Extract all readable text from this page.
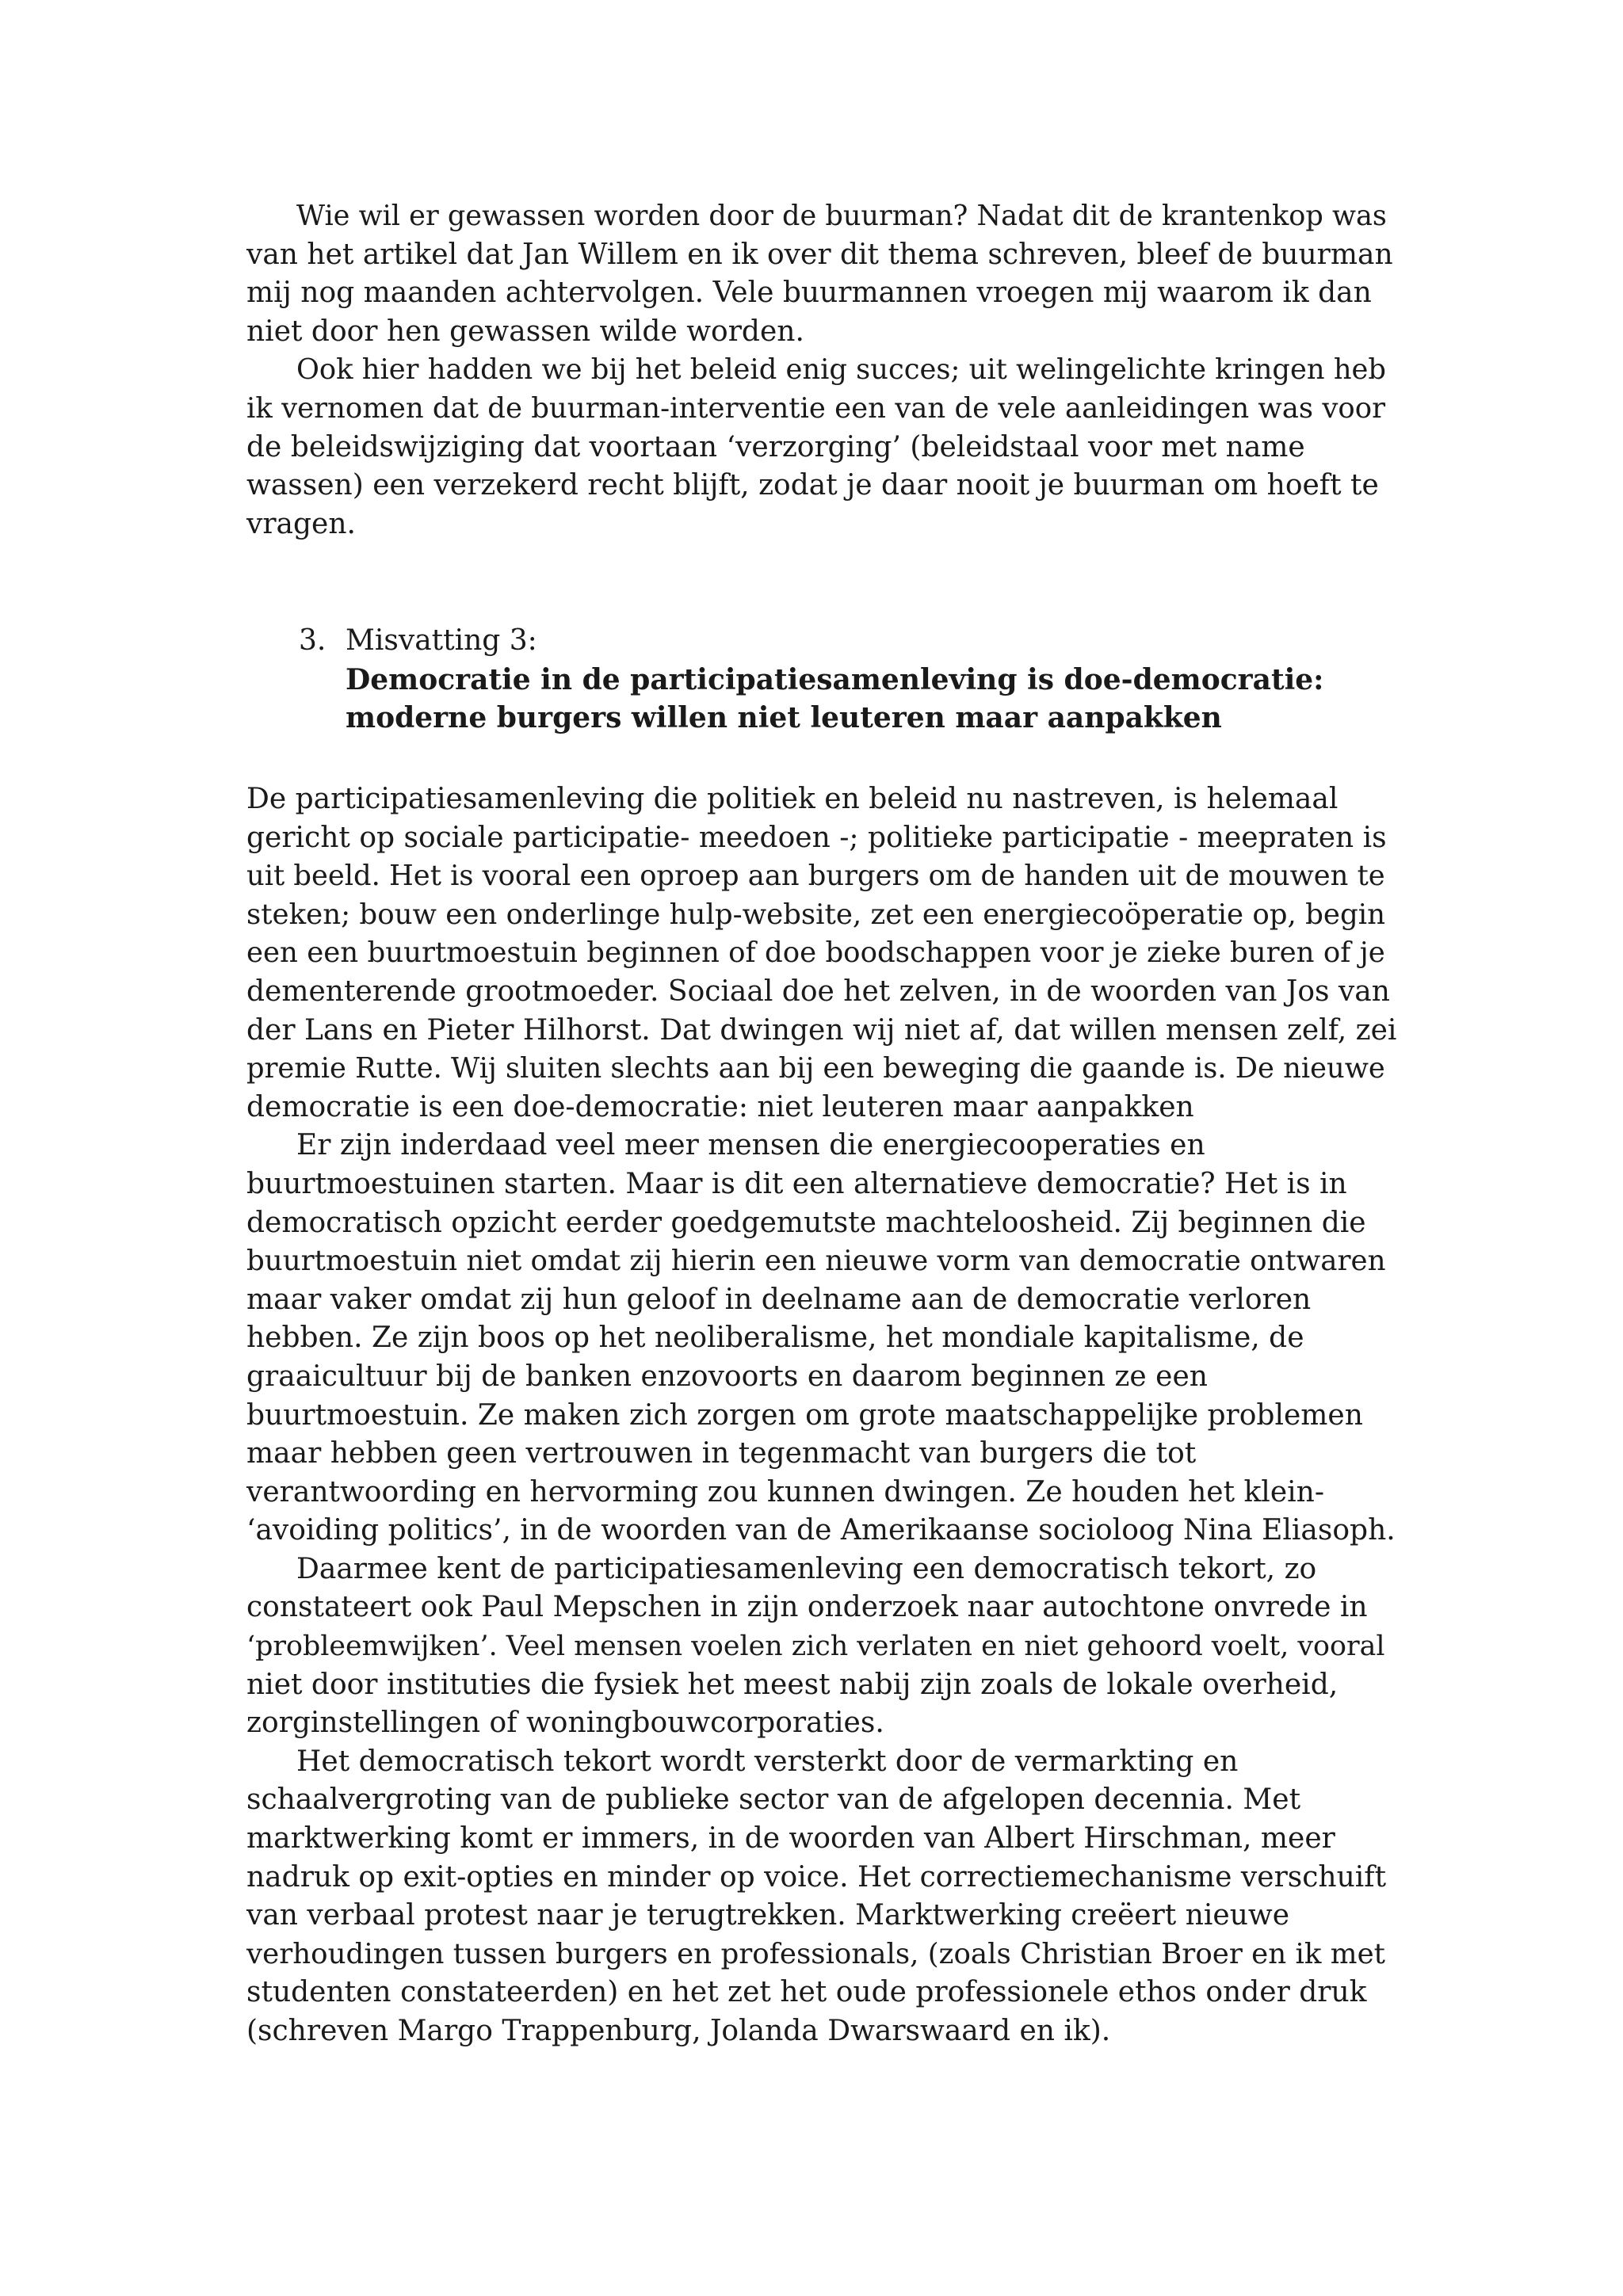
Wie wil er gewassen worden door de buurman? Nadat dit de krantenkop was
van het artikel dat Jan Willem en ik over dit thema schreven, bleef de buurman
mij nog maanden achtervolgen. Vele buurmannen vroegen mij waarom ik dan
niet door hen gewassen wilde worden.
Ook hier hadden we bij het beleid enig succes; uit welingelichte kringen heb
ik vernomen dat de buurman-interventie een van de vele aanleidingen was voor
de beleidswijziging dat voortaan ‘verzorging’ (beleidstaal voor met name
wassen) een verzekerd recht blijft, zodat je daar nooit je buurman om hoeft te
vragen.
3. Misvatting 3:
Democratie in de participatiesamenleving is doe-democratie:
moderne burgers willen niet leuteren maar aanpakken
De participatiesamenleving die politiek en beleid nu nastreven, is helemaal
gericht op sociale participatie- meedoen -; politieke participatie - meepraten is
uit beeld. Het is vooral een oproep aan burgers om de handen uit de mouwen te
steken; bouw een onderlinge hulp-website, zet een energiecoöperatie op, begin
een een buurtmoestuin beginnen of doe boodschappen voor je zieke buren of je
dementerende grootmoeder. Sociaal doe het zelven, in de woorden van Jos van
der Lans en Pieter Hilhorst. Dat dwingen wij niet af, dat willen mensen zelf, zei
premie Rutte. Wij sluiten slechts aan bij een beweging die gaande is. De nieuwe
democratie is een doe-democratie: niet leuteren maar aanpakken
Er zijn inderdaad veel meer mensen die energiecooperaties en
buurtmoestuinen starten. Maar is dit een alternatieve democratie? Het is in
democratisch opzicht eerder goedgemutste machteloosheid. Zij beginnen die
buurtmoestuin niet omdat zij hierin een nieuwe vorm van democratie ontwaren
maar vaker omdat zij hun geloof in deelname aan de democratie verloren
hebben. Ze zijn boos op het neoliberalisme, het mondiale kapitalisme, de
graaicultuur bij de banken enzovoorts en daarom beginnen ze een
buurtmoestuin. Ze maken zich zorgen om grote maatschappelijke problemen
maar hebben geen vertrouwen in tegenmacht van burgers die tot
verantwoording en hervorming zou kunnen dwingen. Ze houden het klein-
‘avoiding politics’, in de woorden van de Amerikaanse socioloog Nina Eliasoph.
Daarmee kent de participatiesamenleving een democratisch tekort, zo
constateert ook Paul Mepschen in zijn onderzoek naar autochtone onvrede in
‘probleemwijken’. Veel mensen voelen zich verlaten en niet gehoord voelt, vooral
niet door instituties die fysiek het meest nabij zijn zoals de lokale overheid,
zorginstellingen of woningbouwcorporaties.
Het democratisch tekort wordt versterkt door de vermarkting en
schaalvergroting van de publieke sector van de afgelopen decennia. Met
marktwerking komt er immers, in de woorden van Albert Hirschman, meer
nadruk op exit-opties en minder op voice. Het correctiemechanisme verschuift
van verbaal protest naar je terugtrekken. Marktwerking creëert nieuwe
verhoudingen tussen burgers en professionals, (zoals Christian Broer en ik met
studenten constateerden) en het zet het oude professionele ethos onder druk
(schreven Margo Trappenburg, Jolanda Dwarswaard en ik).
